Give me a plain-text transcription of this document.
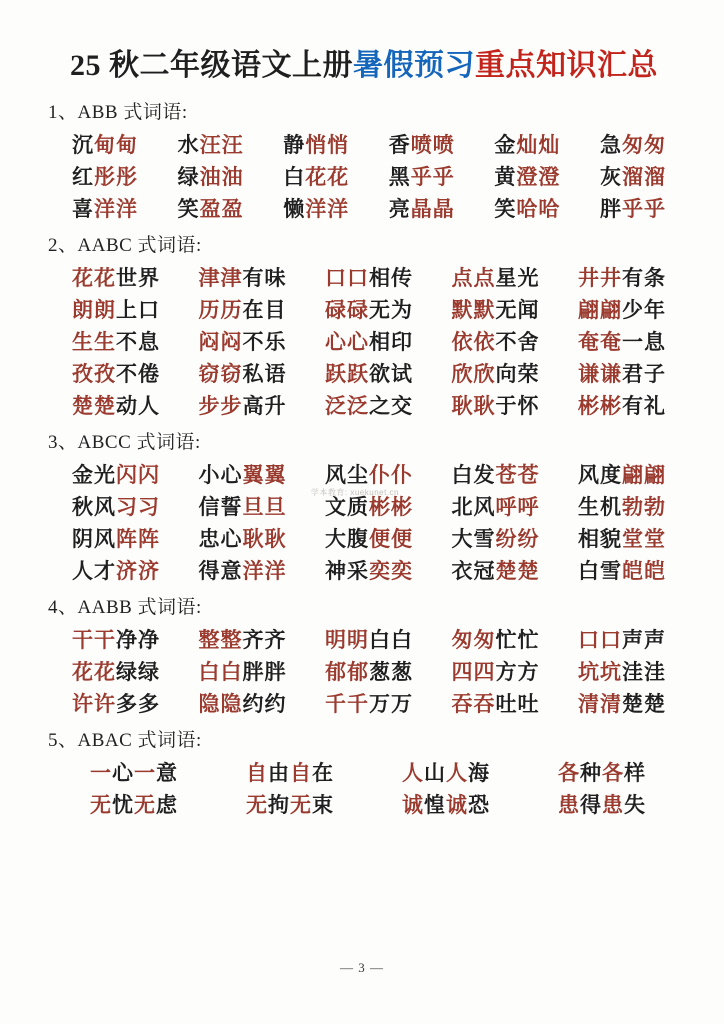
25 秋二年级语文上册暑假预习重点知识汇总
1、ABB 式词语:
沉甸甸 水汪汪 静悄悄 香喷喷 金灿灿 急匆匆
红彤彤 绿油油 白花花 黑乎乎 黄澄澄 灰溜溜
喜洋洋 笑盈盈 懒洋洋 亮晶晶 笑哈哈 胖乎乎
2、AABC 式词语:
花花世界 津津有味 口口相传 点点星光 井井有条
朗朗上口 历历在目 碌碌无为 默默无闻 翩翩少年
生生不息 闷闷不乐 心心相印 依依不舍 奄奄一息
孜孜不倦 窃窃私语 跃跃欲试 欣欣向荣 谦谦君子
楚楚动人 步步高升 泛泛之交 耿耿于怀 彬彬有礼
3、ABCC 式词语:
金光闪闪 小心翼翼 风尘仆仆 白发苍苍 风度翩翩
秋风习习 信誓旦旦 文质彬彬 北风呼呼 生机勃勃
阴风阵阵 忠心耿耿 大腹便便 大雪纷纷 相貌堂堂
人才济济 得意洋洋 神采奕奕 衣冠楚楚 白雪皑皑
4、AABB 式词语:
干干净净 整整齐齐 明明白白 匆匆忙忙 口口声声
花花绿绿 白白胖胖 郁郁葱葱 四四方方 坑坑洼洼
许许多多 隐隐约约 千千万万 吞吞吐吐 清清楚楚
5、ABAC 式词语:
一心一意	自由自在	人山人海	各种各样
无忧无虑	无拘无束	诚惶诚恐	患得患失
学本教育: xuekunet.cn
— 3 —
